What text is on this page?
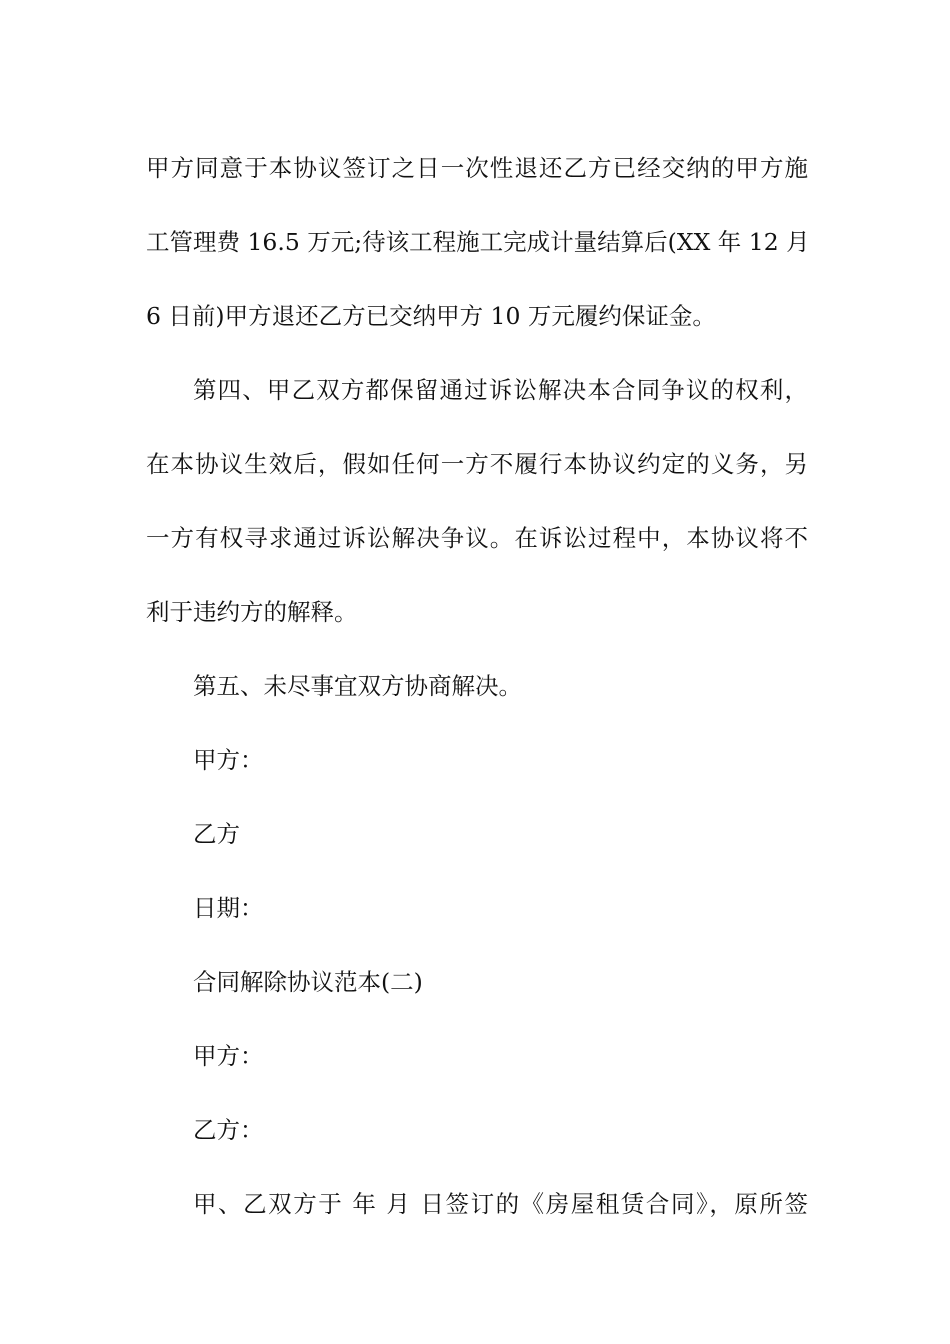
甲方同意于本协议签订之日一次性退还乙方已经交纳的甲方施
工管理费 16.5 万元;待该工程施工完成计量结算后(XX 年 12 月
6 日前)甲方退还乙方已交纳甲方 10 万元履约保证金。
第四、甲乙双方都保留通过诉讼解决本合同争议的权利，
在本协议生效后，假如任何一方不履行本协议约定的义务，另
一方有权寻求通过诉讼解决争议。在诉讼过程中，本协议将不
利于违约方的解释。
第五、未尽事宜双方协商解决。
甲方：
乙方
日期：
合同解除协议范本(二)
甲方：
乙方：
甲、乙双方于 年 月 日签订的《房屋租赁合同》，原所签
